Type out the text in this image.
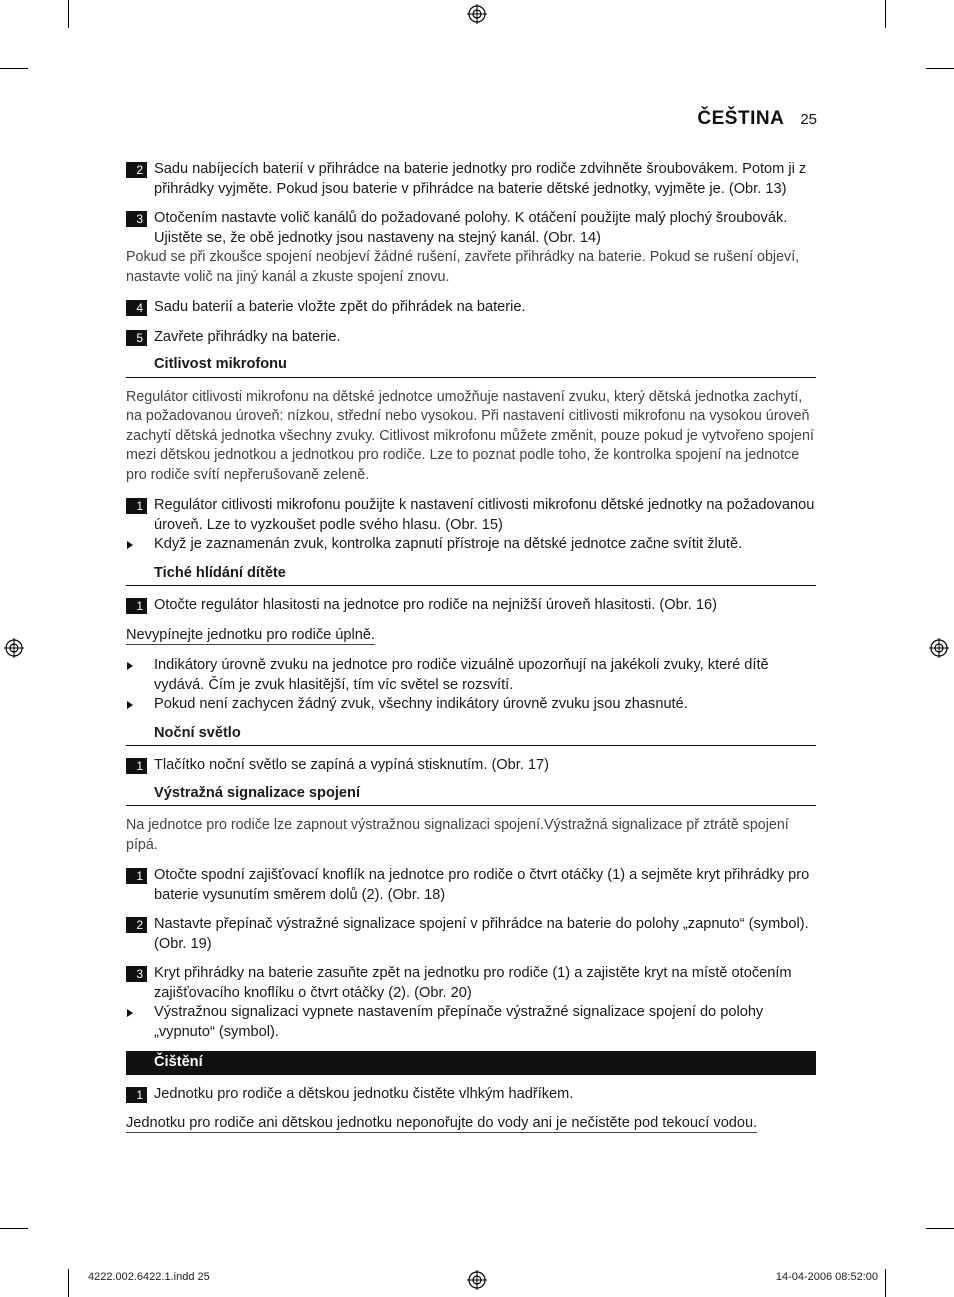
ČEŠTINA 25
2 Sadu nabíjecích baterií v přihrádce na baterie jednotky pro rodiče zdvihněte šroubovákem. Potom ji z přihrádky vyjměte. Pokud jsou baterie v přihrádce na baterie dětské jednotky, vyjměte je. (Obr. 13)
3 Otočením nastavte volič kanálů do požadované polohy. K otáčení použijte malý plochý šroubovák. Ujistěte se, že obě jednotky jsou nastaveny na stejný kanál. (Obr. 14)
Pokud se při zkoušce spojení neobjeví žádné rušení, zavřete přihrádky na baterie. Pokud se rušení objeví, nastavte volič na jiný kanál a zkuste spojení znovu.
4 Sadu baterií a baterie vložte zpět do přihrádek na baterie.
5 Zavřete přihrádky na baterie.
Citlivost mikrofonu
Regulátor citlivosti mikrofonu na dětské jednotce umožňuje nastavení zvuku, který dětská jednotka zachytí, na požadovanou úroveň: nízkou, střední nebo vysokou. Při nastavení citlivosti mikrofonu na vysokou úroveň zachytí dětská jednotka všechny zvuky. Citlivost mikrofonu můžete změnit, pouze pokud je vytvořeno spojení mezi dětskou jednotkou a jednotkou pro rodiče. Lze to poznat podle toho, že kontrolka spojení na jednotce pro rodiče svítí nepřerušovaně zeleně.
1 Regulátor citlivosti mikrofonu použijte k nastavení citlivosti mikrofonu dětské jednotky na požadovanou úroveň. Lze to vyzkoušet podle svého hlasu. (Obr. 15)
Když je zaznamenán zvuk, kontrolka zapnutí přístroje na dětské jednotce začne svítit žlutě.
Tiché hlídání dítěte
1 Otočte regulátor hlasitosti na jednotce pro rodiče na nejnižší úroveň hlasitosti. (Obr. 16)
Nevypínejte jednotku pro rodiče úplně.
Indikátory úrovně zvuku na jednotce pro rodiče vizuálně upozorňují na jakékoli zvuky, které dítě vydává. Čím je zvuk hlasitější, tím víc světel se rozsvítí.
Pokud není zachycen žádný zvuk, všechny indikátory úrovně zvuku jsou zhasnuté.
Noční světlo
1 Tlačítko noční světlo se zapíná a vypíná stisknutím. (Obr. 17)
Výstražná signalizace spojení
Na jednotce pro rodiče lze zapnout výstražnou signalizaci spojení.Výstražná signalizace př ztrátě spojení pípá.
1 Otočte spodní zajišťovací knoflík na jednotce pro rodiče o čtvrt otáčky (1) a sejměte kryt přihrádky pro baterie vysunutím směrem dolů (2). (Obr. 18)
2 Nastavte přepínač výstražné signalizace spojení v přihrádce na baterie do polohy „zapnuto“ (symbol). (Obr. 19)
3 Kryt přihrádky na baterie zasuňte zpět na jednotku pro rodiče (1) a zajistěte kryt na místě otočením zajišťovacího knoflíku o čtvrt otáčky (2). (Obr. 20)
Výstražnou signalizaci vypnete nastavením přepínače výstražné signalizace spojení do polohy „vypnuto“ (symbol).
Čištění
1 Jednotku pro rodiče a dětskou jednotku čistěte vlhkým hadříkem.
Jednotku pro rodiče ani dětskou jednotku neponořujte do vody ani je nečistěte pod tekoucí vodou.
4222.002.6422.1.indd 25	14-04-2006 08:52:00
